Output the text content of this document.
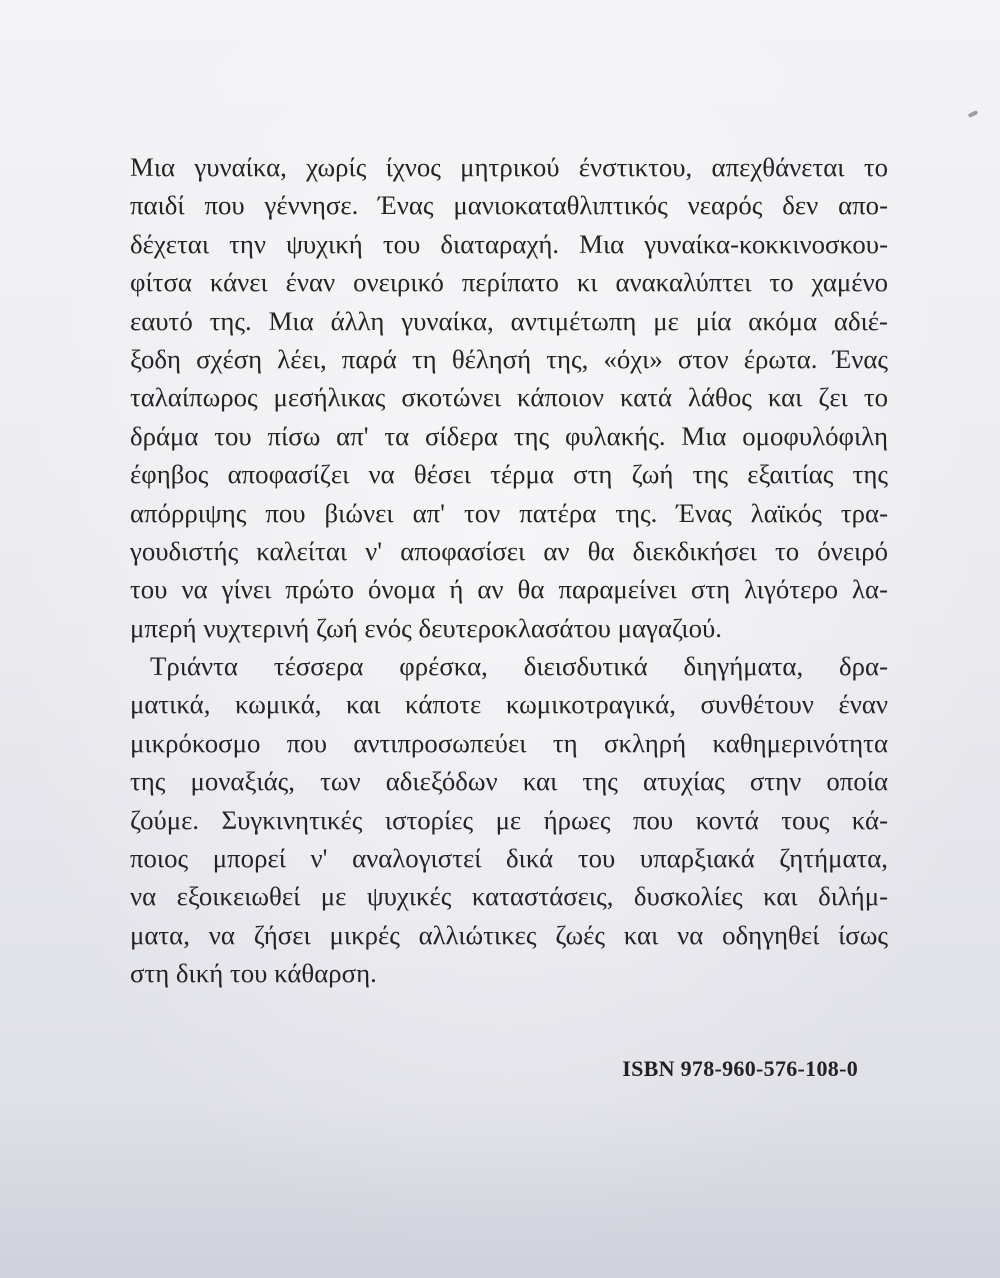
Μια γυναίκα, χωρίς ίχνος μητρικού ένστικτου, απεχθάνεται το
παιδί που γέννησε. Ένας μανιοκαταθλιπτικός νεαρός δεν απο-
δέχεται την ψυχική του διαταραχή. Μια γυναίκα-κοκκινοσκου-
φίτσα κάνει έναν ονειρικό περίπατο κι ανακαλύπτει το χαμένο
εαυτό της. Μια άλλη γυναίκα, αντιμέτωπη με μία ακόμα αδιέ-
ξοδη σχέση λέει, παρά τη θέλησή της, «όχι» στον έρωτα. Ένας
ταλαίπωρος μεσήλικας σκοτώνει κάποιον κατά λάθος και ζει το
δράμα του πίσω απ' τα σίδερα της φυλακής. Μια ομοφυλόφιλη
έφηβος αποφασίζει να θέσει τέρμα στη ζωή της εξαιτίας της
απόρριψης που βιώνει απ' τον πατέρα της. Ένας λαϊκός τρα-
γουδιστής καλείται ν' αποφασίσει αν θα διεκδικήσει το όνειρό
του να γίνει πρώτο όνομα ή αν θα παραμείνει στη λιγότερο λα-
μπερή νυχτερινή ζωή ενός δευτεροκλασάτου μαγαζιού.
Τριάντα τέσσερα φρέσκα, διεισδυτικά διηγήματα, δρα-
ματικά, κωμικά, και κάποτε κωμικοτραγικά, συνθέτουν έναν
μικρόκοσμο που αντιπροσωπεύει τη σκληρή καθημερινότητα
της μοναξιάς, των αδιεξόδων και της ατυχίας στην οποία
ζούμε. Συγκινητικές ιστορίες με ήρωες που κοντά τους κά-
ποιος μπορεί ν' αναλογιστεί δικά του υπαρξιακά ζητήματα,
να εξοικειωθεί με ψυχικές καταστάσεις, δυσκολίες και διλήμ-
ματα, να ζήσει μικρές αλλιώτικες ζωές και να οδηγηθεί ίσως
στη δική του κάθαρση.

ISBN 978-960-576-108-0
